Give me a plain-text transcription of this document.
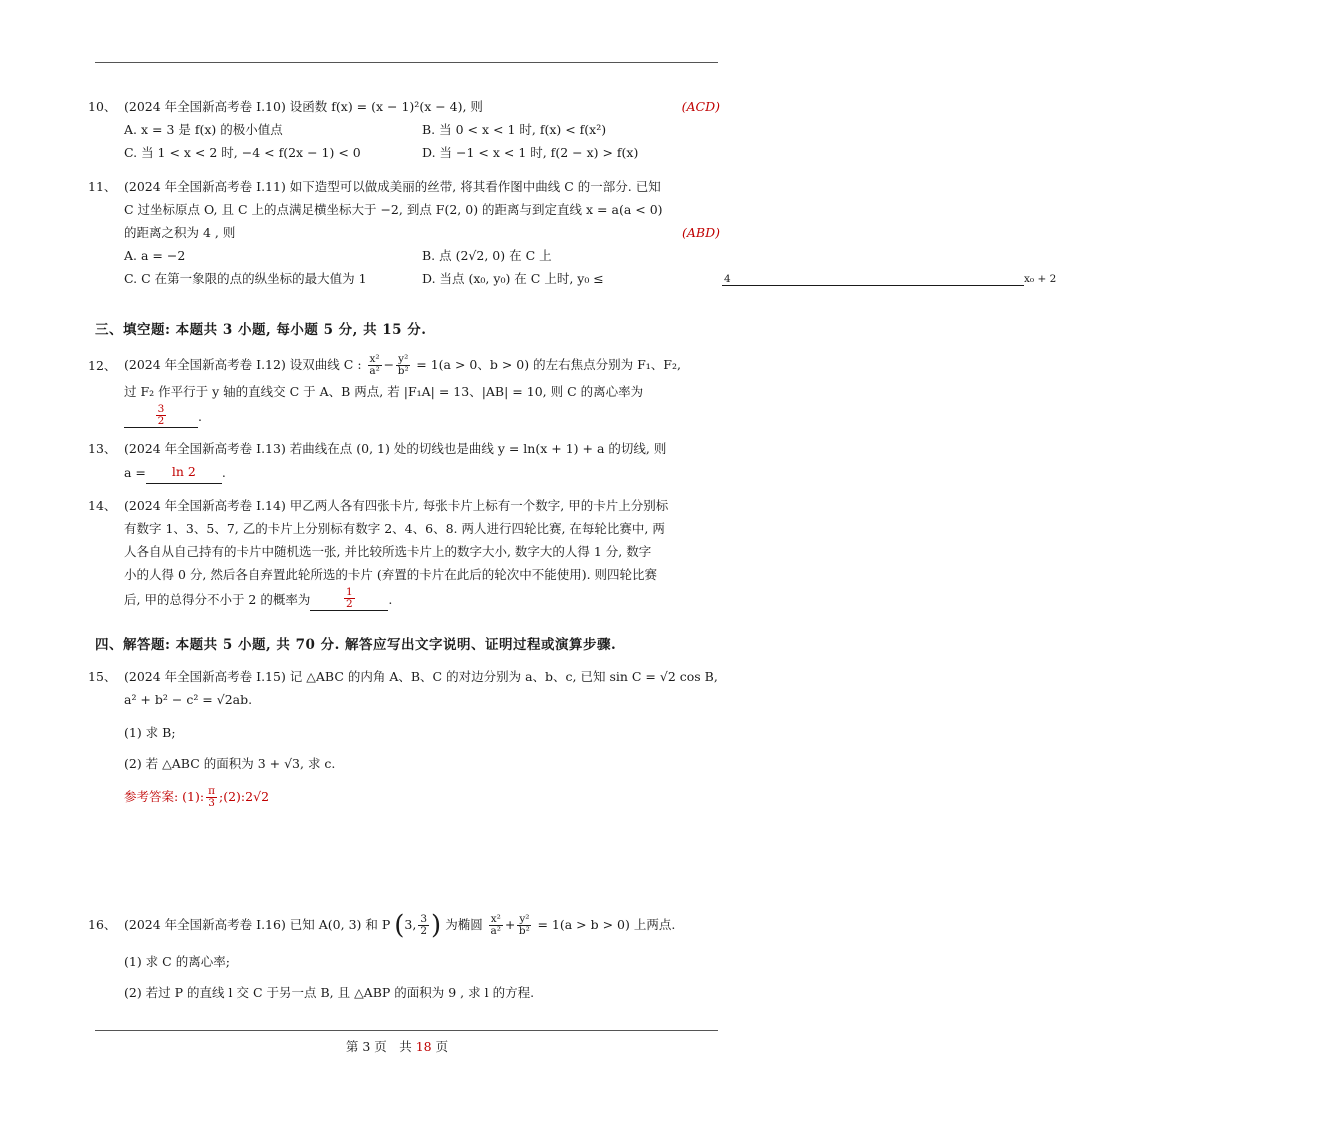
10、 (2024 年全国新高考卷 I.10) 设函数 f(x) = (x − 1)²(x − 4), 则	(ACD)
A. x = 3 是 f(x) 的极小值点	B. 当 0 < x < 1 时, f(x) < f(x²)
C. 当 1 < x < 2 时, −4 < f(2x − 1) < 0	D. 当 −1 < x < 1 时, f(2 − x) > f(x)
11、 (2024 年全国新高考卷 I.11) 如下造型可以做成美丽的丝带, 将其看作图中曲线 C 的一部分. 已知
C 过坐标原点 O, 且 C 上的点满足横坐标大于 −2, 到点 F(2, 0) 的距离与到定直线 x = a(a < 0)
的距离之积为 4 , 则	(ABD)
A. a = −2	B. 点 (2√2, 0) 在 C 上
C. C 在第一象限的点的纵坐标的最大值为 1	D. 当点 (x₀, y₀) 在 C 上时, y₀ ≤	4	x₀ + 2
三、填空题: 本题共 3 小题, 每小题 5 分, 共 15 分.
12、 (2024 年全国新高考卷 I.12) 设双曲线 C : $\frac{\text{x²}}{\text{a²}} - \frac{\text{y²}}{\text{b²}} = 1(a > 0$、b > 0) 的左右焦点分别为 F₁、F₂,
过 F₂ 作平行于 y 轴的直线交 C 于 A、B 两点, 若 |F₁A| = 13、|AB| = 10, 则 C 的离心率为
$\frac{3}{2}$	.
13、 (2024 年全国新高考卷 I.13) 若曲线在点 (0, 1) 处的切线也是曲线 y = ln(x + 1) + a 的切线, 则
a = ln 2 .
14、 (2024 年全国新高考卷 I.14) 甲乙两人各有四张卡片, 每张卡片上标有一个数字, 甲的卡片上分别标
有数字 1、3、5、7, 乙的卡片上分别标有数字 2、4、6、8. 两人进行四轮比赛, 在每轮比赛中, 两
人各自从自己持有的卡片中随机选一张, 并比较所选卡片上的数字大小, 数字大的人得 1 分, 数字
小的人得 0 分, 然后各自弃置此轮所选的卡片 (弃置的卡片在此后的轮次中不能使用). 则四轮比赛
后, 甲的总得分不小于 2 的概率为	$\frac{1}{2}$	.
四、解答题: 本题共 5 小题, 共 70 分. 解答应写出文字说明、证明过程或演算步骤.
15、 (2024 年全国新高考卷 I.15) 记 △ABC 的内角 A、B、C 的对边分别为 a、b、c, 已知 sin C = √2 cos B,
a² + b² − c² = √2ab.
(1) 求 B;
(2) 若 △ABC 的面积为 3 + √3, 求 c.
参考答案: (1): $\frac{\pi}{3}$ ;(2):2√2
16、 (2024 年全国新高考卷 I.16) 已知 A(0, 3) 和 P (3, $\frac{3}{2}$ ) 为椭圆 $\frac{\text{x²}}{\text{a²}} + \frac{\text{y²}}{\text{b²}} = 1(a > b > 0)$ 上两点.
(1) 求 C 的离心率;
(2) 若过 P 的直线 l 交 C 于另一点 B, 且 △ABP 的面积为 9 , 求 l 的方程.
第 3 页　共 18 页
